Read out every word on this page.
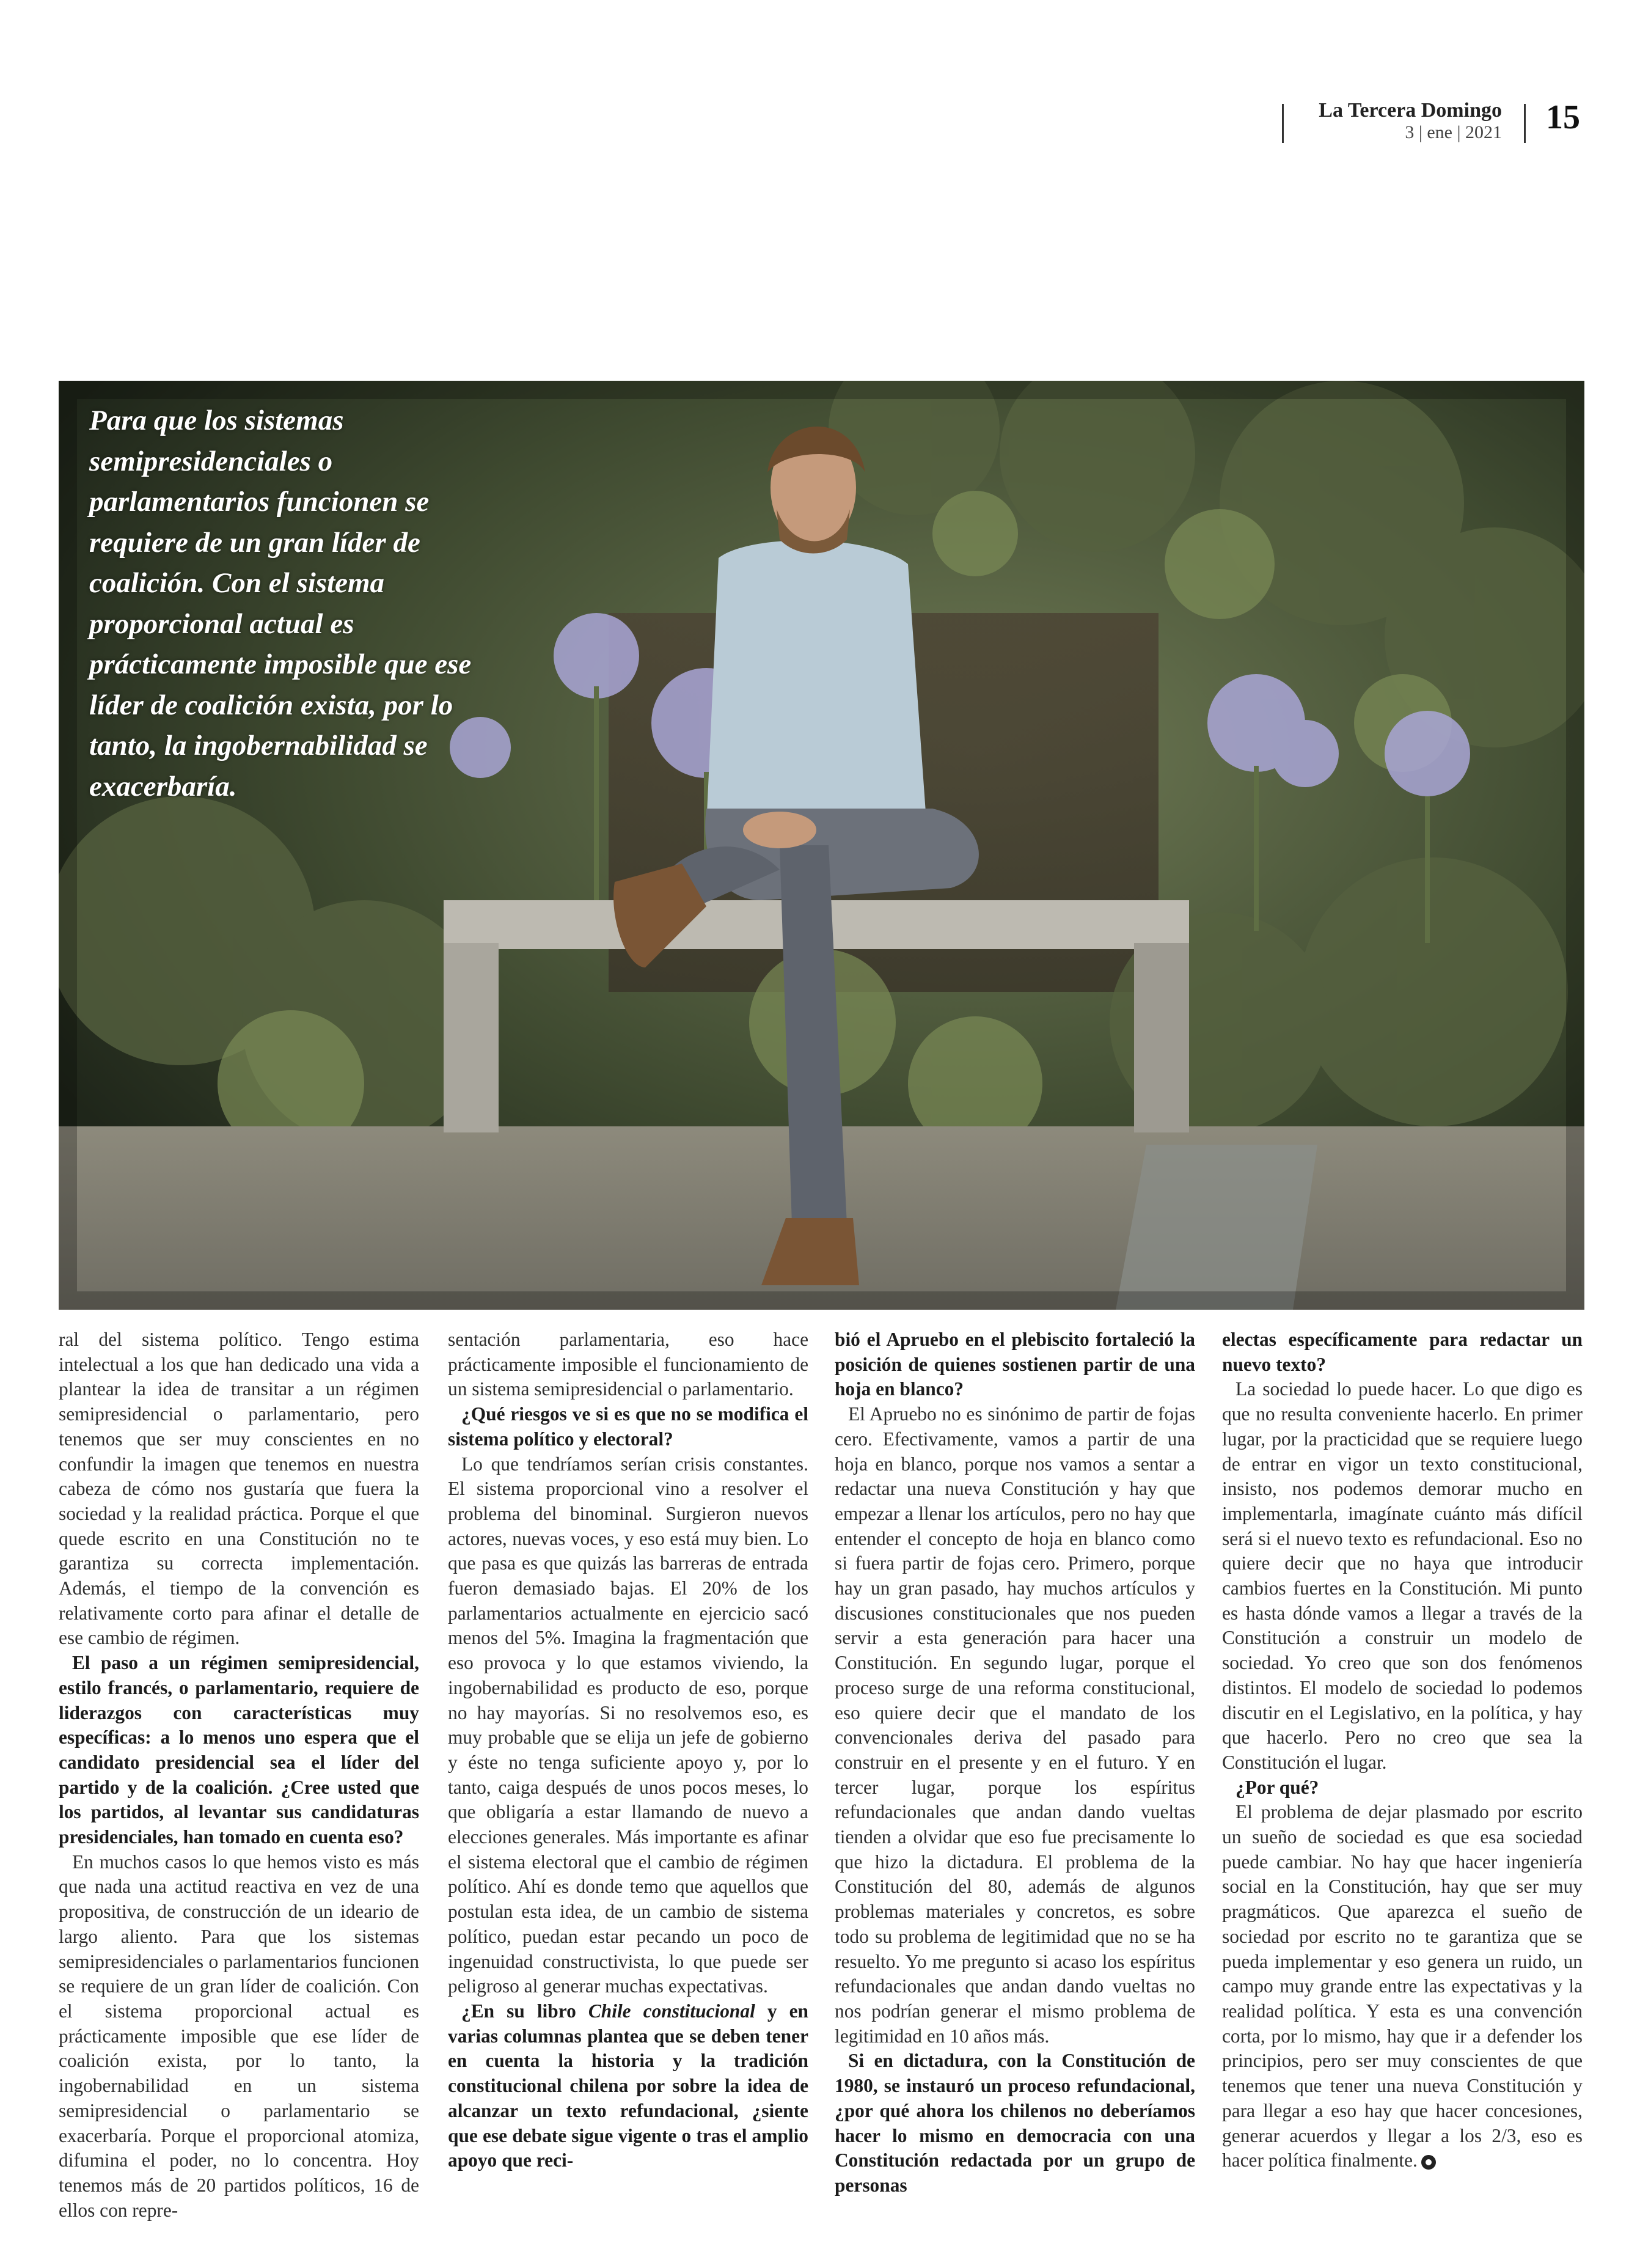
La Tercera Domingo
3 | ene | 2021 15
Para que los sistemas semipresidenciales o parlamentarios funcionen se requiere de un gran líder de coalición. Con el sistema proporcional actual es prácticamente imposible que ese líder de coalición exista, por lo tanto, la ingobernabilidad se exacerbaría.

ral del sistema político. Tengo estima intelectual a los que han dedicado una vida a plantear la idea de transitar a un régimen semipresidencial o parlamentario, pero tenemos que ser muy conscientes en no confundir la imagen que tenemos en nuestra cabeza de cómo nos gustaría que fuera la sociedad y la realidad práctica. Porque el que quede escrito en una Constitución no te garantiza su correcta implementación. Además, el tiempo de la convención es relativamente corto para afinar el detalle de ese cambio de régimen.

El paso a un régimen semipresidencial, estilo francés, o parlamentario, requiere de liderazgos con características muy específicas: a lo menos uno espera que el candidato presidencial sea el líder del partido y de la coalición. ¿Cree usted que los partidos, al levantar sus candidaturas presidenciales, han tomado en cuenta eso?

En muchos casos lo que hemos visto es más que nada una actitud reactiva en vez de una propositiva, de construcción de un ideario de largo aliento. Para que los sistemas semipresidenciales o parlamentarios funcionen se requiere de un gran líder de coalición. Con el sistema proporcional actual es prácticamente imposible que ese líder de coalición exista, por lo tanto, la ingobernabilidad en un sistema semipresidencial o parlamentario se exacerbaría. Porque el proporcional atomiza, difumina el poder, no lo concentra. Hoy tenemos más de 20 partidos políticos, 16 de ellos con repre-

sentación parlamentaria, eso hace prácticamente imposible el funcionamiento de un sistema semipresidencial o parlamentario.

¿Qué riesgos ve si es que no se modifica el sistema político y electoral?

Lo que tendríamos serían crisis constantes. El sistema proporcional vino a resolver el problema del binominal. Surgieron nuevos actores, nuevas voces, y eso está muy bien. Lo que pasa es que quizás las barreras de entrada fueron demasiado bajas. El 20% de los parlamentarios actualmente en ejercicio sacó menos del 5%. Imagina la fragmentación que eso provoca y lo que estamos viviendo, la ingobernabilidad es producto de eso, porque no hay mayorías. Si no resolvemos eso, es muy probable que se elija un jefe de gobierno y éste no tenga suficiente apoyo y, por lo tanto, caiga después de unos pocos meses, lo que obligaría a estar llamando de nuevo a elecciones generales. Más importante es afinar el sistema electoral que el cambio de régimen político. Ahí es donde temo que aquellos que postulan esta idea, de un cambio de sistema político, puedan estar pecando un poco de ingenuidad constructivista, lo que puede ser peligroso al generar muchas expectativas.

¿En su libro Chile constitucional y en varias columnas plantea que se deben tener en cuenta la historia y la tradición constitucional chilena por sobre la idea de alcanzar un texto refundacional, ¿siente que ese debate sigue vigente o tras el amplio apoyo que reci-

bió el Apruebo en el plebiscito fortaleció la posición de quienes sostienen partir de una hoja en blanco?

El Apruebo no es sinónimo de partir de fojas cero. Efectivamente, vamos a partir de una hoja en blanco, porque nos vamos a sentar a redactar una nueva Constitución y hay que empezar a llenar los artículos, pero no hay que entender el concepto de hoja en blanco como si fuera partir de fojas cero. Primero, porque hay un gran pasado, hay muchos artículos y discusiones constitucionales que nos pueden servir a esta generación para hacer una Constitución. En segundo lugar, porque el proceso surge de una reforma constitucional, eso quiere decir que el mandato de los convencionales deriva del pasado para construir en el presente y en el futuro. Y en tercer lugar, porque los espíritus refundacionales que andan dando vueltas tienden a olvidar que eso fue precisamente lo que hizo la dictadura. El problema de la Constitución del 80, además de algunos problemas materiales y concretos, es sobre todo su problema de legitimidad que no se ha resuelto. Yo me pregunto si acaso los espíritus refundacionales que andan dando vueltas no nos podrían generar el mismo problema de legitimidad en 10 años más.

Si en dictadura, con la Constitución de 1980, se instauró un proceso refundacional, ¿por qué ahora los chilenos no deberíamos hacer lo mismo en democracia con una Constitución redactada por un grupo de personas

electas específicamente para redactar un nuevo texto?

La sociedad lo puede hacer. Lo que digo es que no resulta conveniente hacerlo. En primer lugar, por la practicidad que se requiere luego de entrar en vigor un texto constitucional, insisto, nos podemos demorar mucho en implementarla, imagínate cuánto más difícil será si el nuevo texto es refundacional. Eso no quiere decir que no haya que introducir cambios fuertes en la Constitución. Mi punto es hasta dónde vamos a llegar a través de la Constitución a construir un modelo de sociedad. Yo creo que son dos fenómenos distintos. El modelo de sociedad lo podemos discutir en el Legislativo, en la política, y hay que hacerlo. Pero no creo que sea la Constitución el lugar.

¿Por qué?

El problema de dejar plasmado por escrito un sueño de sociedad es que esa sociedad puede cambiar. No hay que hacer ingeniería social en la Constitución, hay que ser muy pragmáticos. Que aparezca el sueño de sociedad por escrito no te garantiza que se pueda implementar y eso genera un ruido, un campo muy grande entre las expectativas y la realidad política. Y esta es una convención corta, por lo mismo, hay que ir a defender los principios, pero ser muy conscientes de que tenemos que tener una nueva Constitución y para llegar a eso hay que hacer concesiones, generar acuerdos y llegar a los 2/3, eso es hacer política finalmente.
